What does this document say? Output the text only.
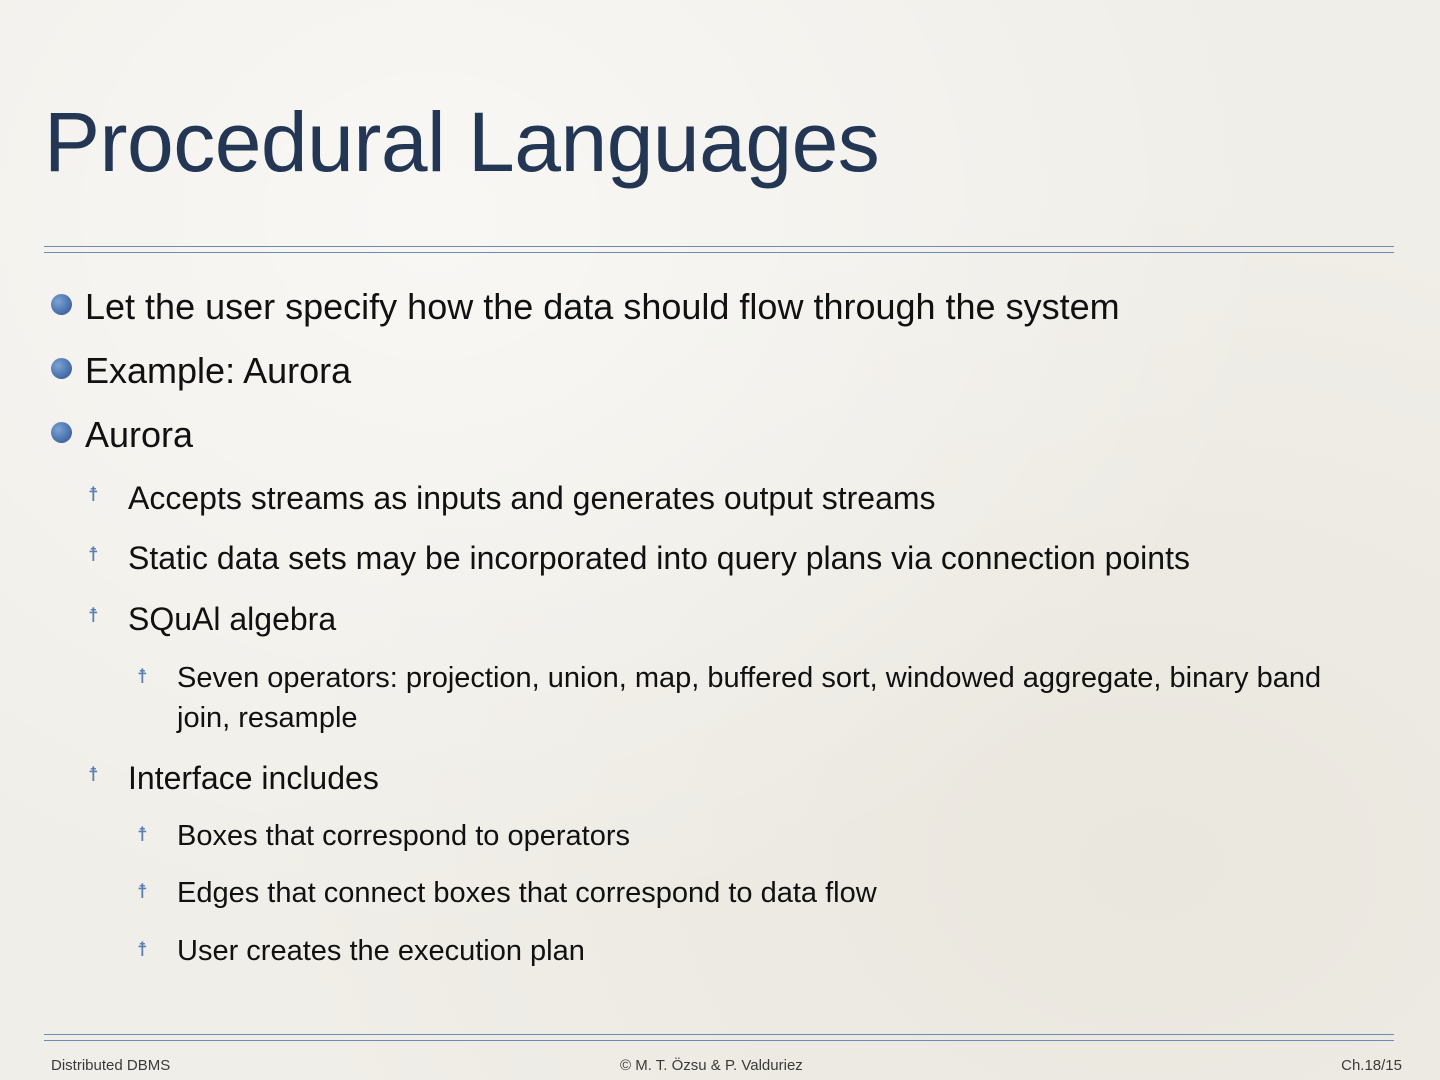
Procedural Languages
Let the user specify how the data should flow through the system
Example: Aurora
Aurora
☨ Accepts streams as inputs and generates output streams
☨ Static data sets may be incorporated into query plans via connection points
☨ SQuAl algebra
☨ Seven operators: projection, union, map, buffered sort, windowed aggregate, binary band join, resample
☨ Interface includes
☨ Boxes that correspond to operators
☨ Edges that connect boxes that correspond to data flow
☨ User creates the execution plan
Distributed DBMS	© M. T. Özsu & P. Valduriez	Ch.18/15
